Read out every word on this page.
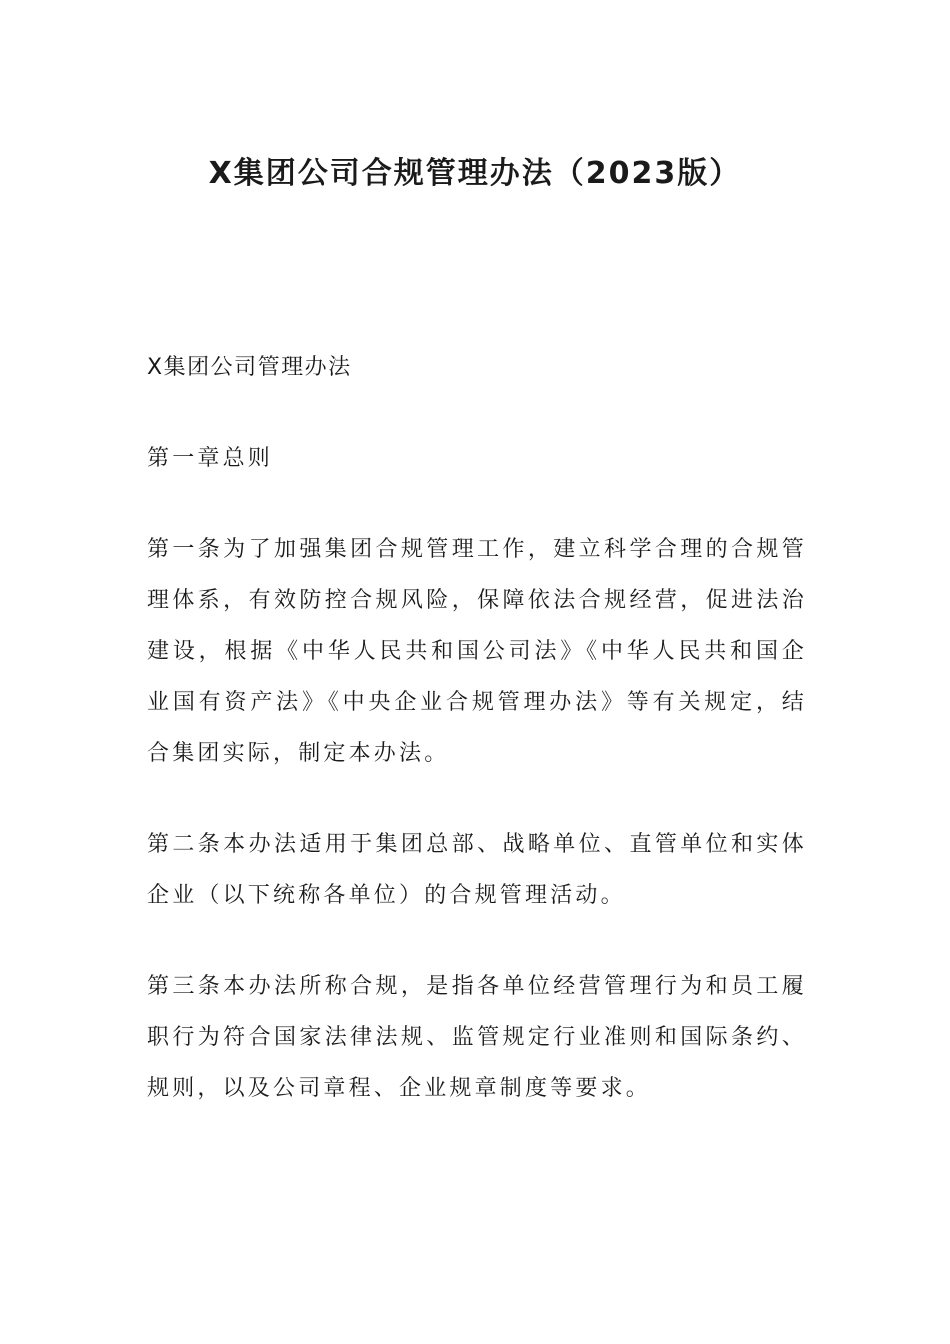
X集团公司合规管理办法（2023版）

X集团公司管理办法

第一章总则

第一条为了加强集团合规管理工作，建立科学合理的合规管理体系，有效防控合规风险，保障依法合规经营，促进法治建设，根据《中华人民共和国公司法》《中华人民共和国企业国有资产法》《中央企业合规管理办法》等有关规定，结合集团实际，制定本办法。

第二条本办法适用于集团总部、战略单位、直管单位和实体企业（以下统称各单位）的合规管理活动。

第三条本办法所称合规，是指各单位经营管理行为和员工履职行为符合国家法律法规、监管规定行业准则和国际条约、规则，以及公司章程、企业规章制度等要求。
